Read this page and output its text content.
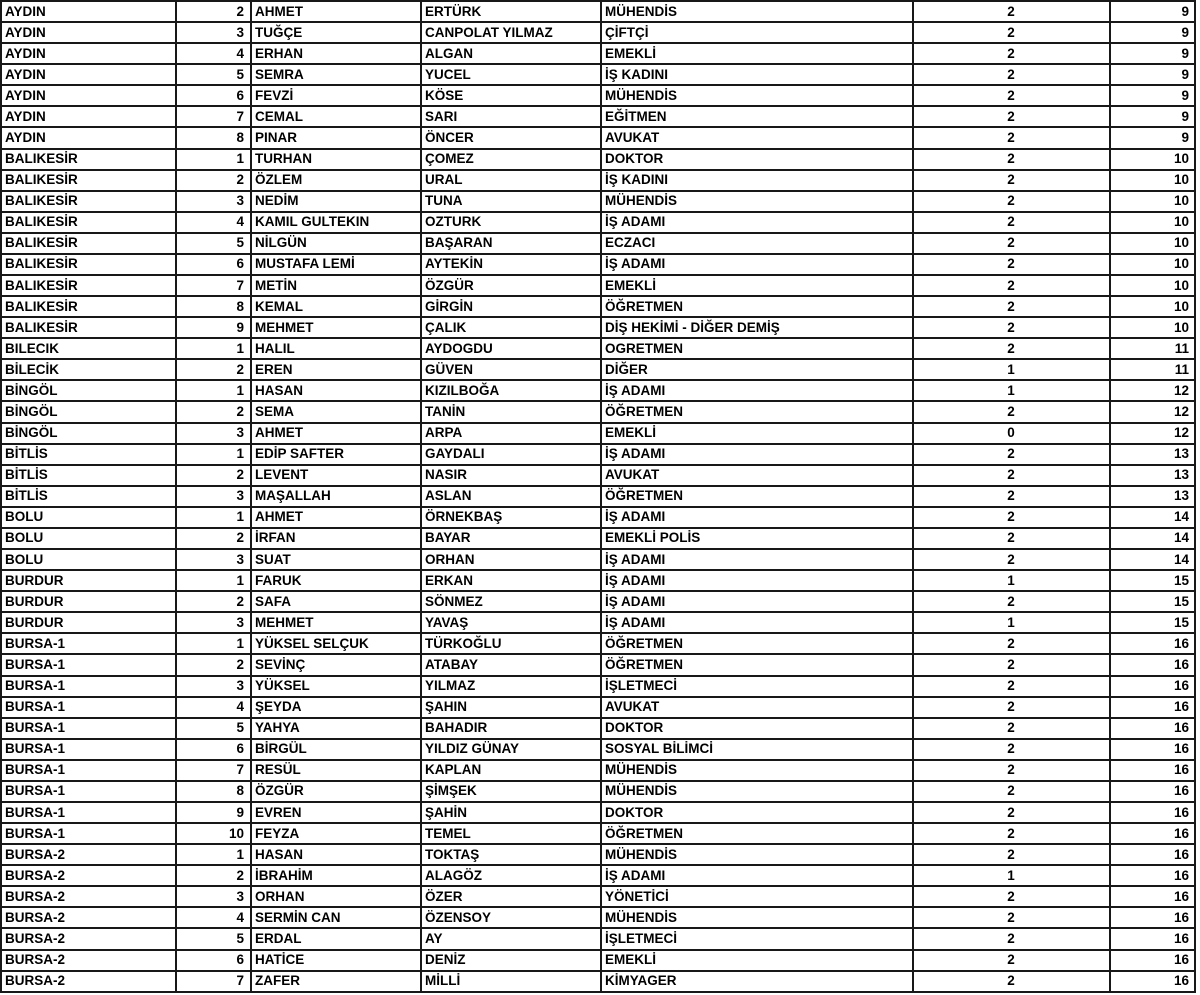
AYDIN	2	AHMET	ERTÜRK	MÜHENDİS	2	9
AYDIN	3	TUĞÇE	CANPOLAT YILMAZ	ÇİFTÇİ	2	9
AYDIN	4	ERHAN	ALGAN	EMEKLİ	2	9
AYDIN	5	SEMRA	YUCEL	İŞ KADINI	2	9
AYDIN	6	FEVZİ	KÖSE	MÜHENDİS	2	9
AYDIN	7	CEMAL	SARI	EĞİTMEN	2	9
AYDIN	8	PINAR	ÖNCER	AVUKAT	2	9
BALIKESİR	1	TURHAN	ÇOMEZ	DOKTOR	2	10
BALIKESİR	2	ÖZLEM	URAL	İŞ KADINI	2	10
BALIKESİR	3	NEDİM	TUNA	MÜHENDİS	2	10
BALIKESİR	4	KAMIL GULTEKIN	OZTURK	İŞ ADAMI	2	10
BALIKESİR	5	NİLGÜN	BAŞARAN	ECZACI	2	10
BALIKESİR	6	MUSTAFA LEMİ	AYTEKİN	İŞ ADAMI	2	10
BALIKESİR	7	METİN	ÖZGÜR	EMEKLİ	2	10
BALIKESİR	8	KEMAL	GİRGİN	ÖĞRETMEN	2	10
BALIKESİR	9	MEHMET	ÇALIK	DİŞ HEKİMİ - DİĞER DEMİŞ	2	10
BILECIK	1	HALIL	AYDOGDU	OGRETMEN	2	11
BİLECİK	2	EREN	GÜVEN	DİĞER	1	11
BİNGÖL	1	HASAN	KIZILBOĞA	İŞ ADAMI	1	12
BİNGÖL	2	SEMA	TANİN	ÖĞRETMEN	2	12
BİNGÖL	3	AHMET	ARPA	EMEKLİ	0	12
BİTLİS	1	EDİP SAFTER	GAYDALI	İŞ ADAMI	2	13
BİTLİS	2	LEVENT	NASIR	AVUKAT	2	13
BİTLİS	3	MAŞALLAH	ASLAN	ÖĞRETMEN	2	13
BOLU	1	AHMET	ÖRNEKBAŞ	İŞ ADAMI	2	14
BOLU	2	İRFAN	BAYAR	EMEKLİ POLİS	2	14
BOLU	3	SUAT	ORHAN	İŞ ADAMI	2	14
BURDUR	1	FARUK	ERKAN	İŞ ADAMI	1	15
BURDUR	2	SAFA	SÖNMEZ	İŞ ADAMI	2	15
BURDUR	3	MEHMET	YAVAŞ	İŞ ADAMI	1	15
BURSA-1	1	YÜKSEL SELÇUK	TÜRKOĞLU	ÖĞRETMEN	2	16
BURSA-1	2	SEVİNÇ	ATABAY	ÖĞRETMEN	2	16
BURSA-1	3	YÜKSEL	YILMAZ	İŞLETMECİ	2	16
BURSA-1	4	ŞEYDA	ŞAHIN	AVUKAT	2	16
BURSA-1	5	YAHYA	BAHADIR	DOKTOR	2	16
BURSA-1	6	BİRGÜL	YILDIZ GÜNAY	SOSYAL BİLİMCİ	2	16
BURSA-1	7	RESÜL	KAPLAN	MÜHENDİS	2	16
BURSA-1	8	ÖZGÜR	ŞİMŞEK	MÜHENDİS	2	16
BURSA-1	9	EVREN	ŞAHİN	DOKTOR	2	16
BURSA-1	10	FEYZA	TEMEL	ÖĞRETMEN	2	16
BURSA-2	1	HASAN	TOKTAŞ	MÜHENDİS	2	16
BURSA-2	2	İBRAHİM	ALAGÖZ	İŞ ADAMI	1	16
BURSA-2	3	ORHAN	ÖZER	YÖNETİCİ	2	16
BURSA-2	4	SERMİN CAN	ÖZENSOY	MÜHENDİS	2	16
BURSA-2	5	ERDAL	AY	İŞLETMECİ	2	16
BURSA-2	6	HATİCE	DENİZ	EMEKLİ	2	16
BURSA-2	7	ZAFER	MİLLİ	KİMYAGER	2	16
